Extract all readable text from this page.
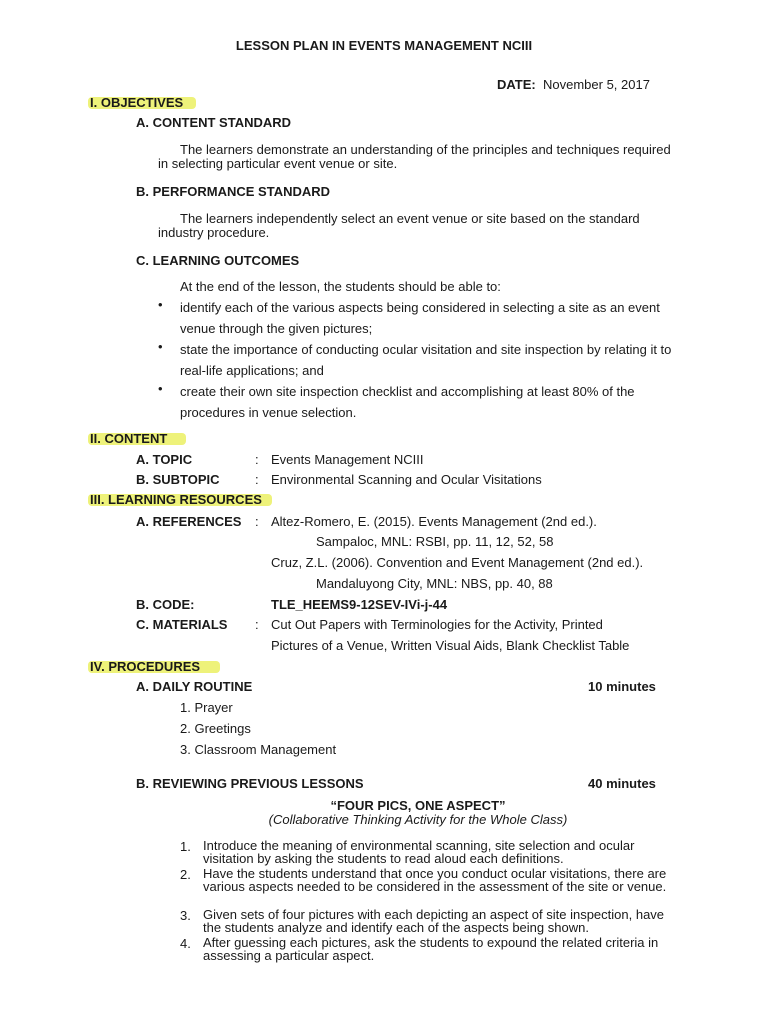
LESSON PLAN IN EVENTS MANAGEMENT NCIII
DATE: November 5, 2017
I. OBJECTIVES
A. CONTENT STANDARD
The learners demonstrate an understanding of the principles and techniques required in selecting particular event venue or site.
B. PERFORMANCE STANDARD
The learners independently select an event venue or site based on the standard industry procedure.
C. LEARNING OUTCOMES
At the end of the lesson, the students should be able to:
• identify each of the various aspects being considered in selecting a site as an event venue through the given pictures;
• state the importance of conducting ocular visitation and site inspection by relating it to real-life applications; and
• create their own site inspection checklist and accomplishing at least 80% of the procedures in venue selection.
II. CONTENT
A. TOPIC	: Events Management NCIII
B. SUBTOPIC	: Environmental Scanning and Ocular Visitations
III. LEARNING RESOURCES
A. REFERENCES : Altez-Romero, E. (2015). Events Management (2nd ed.).
Sampaloc, MNL: RSBI, pp. 11, 12, 52, 58
Cruz, Z.L. (2006). Convention and Event Management (2nd ed.).
Mandaluyong City, MNL: NBS, pp. 40, 88
B. CODE:	TLE_HEEMS9-12SEV-IVi-j-44
C. MATERIALS : Cut Out Papers with Terminologies for the Activity, Printed
Pictures of a Venue, Written Visual Aids, Blank Checklist Table
IV. PROCEDURES
A. DAILY ROUTINE	10 minutes
1. Prayer
2. Greetings
3. Classroom Management
B. REVIEWING PREVIOUS LESSONS	40 minutes
“FOUR PICS, ONE ASPECT”
(Collaborative Thinking Activity for the Whole Class)
1. Introduce the meaning of environmental scanning, site selection and ocular visitation by asking the students to read aloud each definitions.
2. Have the students understand that once you conduct ocular visitations, there are various aspects needed to be considered in the assessment of the site or venue.
3. Given sets of four pictures with each depicting an aspect of site inspection, have the students analyze and identify each of the aspects being shown.
4. After guessing each pictures, ask the students to expound the related criteria in assessing a particular aspect.
